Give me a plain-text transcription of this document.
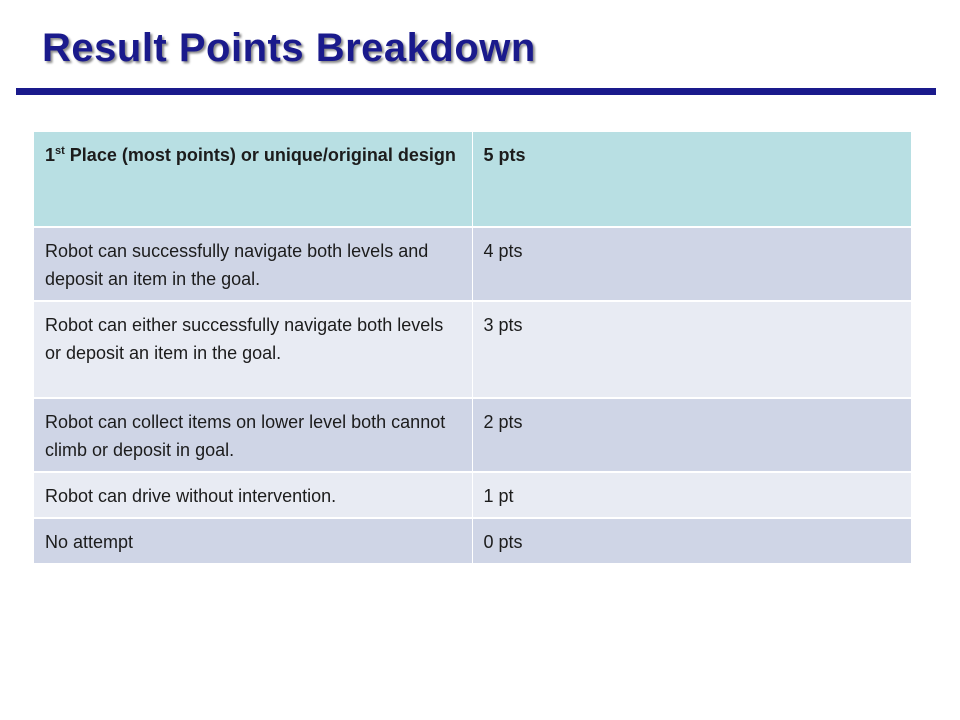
Result Points Breakdown
1st Place (most points) or unique/original design	5 pts
Robot can successfully navigate both levels and deposit an item in the goal.	4 pts
Robot can either successfully navigate both levels or deposit an item in the goal.	3 pts
Robot can collect items on lower level both cannot climb or deposit in goal.	2 pts
Robot can drive without intervention.	1 pt
No attempt	0 pts
